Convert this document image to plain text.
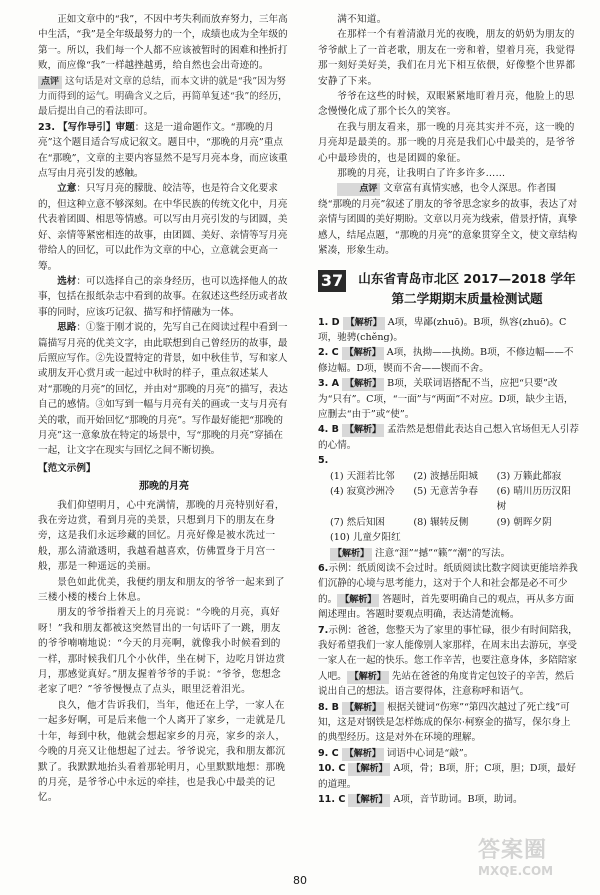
正如文章中的“我”，不因中考失利而放弃努力，三年高中生活，“我”是全年级最努力的一个，成绩也成为全年级的第一。所以，我们每一个人都不应该被暂时的困难和挫折打败，而应像“我”一样越挫越勇，给自然也会出奇迹的。

点评 这句话是对文章的总结，而本文讲的就是“我”因为努力而得到的运气。明确含义之后，再简单复述“我”的经历，最后提出自己的看法即可。

23. 【写作导引】审题：这是一道命题作文。“那晚的月亮”这个题目适合写成记叙文。题目中，“那晚的月亮”重点在“那晚”，文章的主要内容显然不是写月亮本身，而应该重点写由月亮引发的感触。

立意：只写月亮的朦胧、皎洁等，也是符合文化要求的，但这种立意不够深刻。在中华民族的传统文化中，月亮代表着团圆、相思等情感。可以写由月亮引发的与团圆，美好、亲情等紧密相连的故事，由团圆、美好、亲情等写月亮带给人的回忆，可以此作为文章的中心，立意就会更高一筹。

选材：可以选择自己的亲身经历，也可以选择他人的故事，包括在报纸杂志中看到的故事。在叙述这些经历或者故事的同时，应该巧记叙、描写和抒情融为一体。

思路：①鉴于刚才说的，先写自己在阅读过程中看到一篇描写月亮的优美文字，由此联想到自己曾经历的故事，最后照应写作。②先设置特定的背景，如中秋佳节，写和家人或朋友开心赏月或一起过中秋时的样子，重点叙述某人对“那晚的月亮”的回忆，并由对“那晚的月亮”的描写，表达自己的感情。③如写到一幅与月亮有关的画或一支与月亮有关的歌，而开始回忆“那晚的月亮”。写作最好能把“那晚的月亮”这一意象放在特定的场景中，写“那晚的月亮”穿插在一起，让文字在现实与回忆之间不断切换。

【范文示例】

那晚的月亮

我们仰望明月，心中充满情，那晚的月亮特别好看，我在旁边赏，看到月亮的美景，只想到月下的朋友在身旁，这是我们永远珍藏的回忆。月亮好像是被水洗过一般，那么清澈透明，我越看越喜欢，仿佛置身于月宫一般，那是一种遥远的美丽。

景色如此优美，我便约朋友和朋友的爷爷一起来到了三楼小楼的楼台上休息。

朋友的爷爷指着天上的月亮说：“今晚的月亮，真好呀！”我和朋友都被这突然冒出的一句话吓了一跳，朋友的爷爷喃喃地说：“今天的月亮啊，就像我小时候看到的一样，那时候我们几个小伙伴，坐在树下，边吃月饼边赏月，那感觉真好。”朋友握着爷爷的手说：“爷爷，您想念老家了吧？”爷爷慢慢点了点头，眼里泛着泪光。

良久，他才告诉我们，当年，他还在上学，一家人在一起多好啊，可是后来他一个人离开了家乡，一走就是几十年，每到中秋，他就会想起家乡的月亮，家乡的亲人，今晚的月亮又让他想起了过去。爷爷说完，我和朋友都沉默了。我默默地抬头看着那轮明月，心里默默地想：那晚的月亮，是爷爷心中永远的牵挂，也是我心中最美的记忆。

满不知道。

在那样一个有着清澈月光的夜晚，朋友的奶奶为朋友的爷爷献上了一首老歌，朋友在一旁和着，望着月亮，我觉得那一刻好美好美，我们在月光下相互依偎，好像整个世界都安静了下来。

爷爷在这些的时候，双眼紧紧地盯着月亮，他脸上的思念慢慢化成了那个长久的笑容。

在我与朋友看来，那一晚的月亮其实并不亮，这一晚的月亮却是最美的。那一晚的月亮是我们心中最美的，是爷爷心中最珍贵的，也是团圆的象征。

那晚的月亮，让我明白了许多许多……

点评 文章富有真情实感，也令人深思。作者围绕“那晚的月亮”叙述了朋友的爷爷思念家乡的故事，表达了对亲情与团圆的美好期盼。文章以月亮为线索，借景抒情，真挚感人，结尾点题，“那晚的月亮”的意象贯穿全文，使文章结构紧凑，形象生动。

37	山东省青岛市北区 2017—2018 学年
第二学期期末质量检测试题

1. D 【解析】 A项，卑鄙(zhuō)。B项，纵容(zhuō)。C项，驰骋(chěng)。

2. C 【解析】 A项，执拗——执拗。B项，不修边幅——不修边幅。D项，锲而不舍——锲而不舍。

3. A 【解析】 B项，关联词语搭配不当，应把“只要”改为“只有”。C项，“一面”与“两面”不对应。D项，缺少主语，应删去“由于”或“使”。

4. B 【解析】 孟浩然是想借此表达自己想入官场但无人引荐的心情。

5.

(1) 天涯若比邻	(2) 波撼岳阳城	(3) 万籁此都寂
(4) 寂寞沙洲冷	(5) 无意苦争春	(6) 晴川历历汉阳树
(7) 然后知困	(8) 辗转反侧	(9) 朝晖夕阴
(10) 儿童夕阳红

【解析】 注意“涯”“撼”“籁”“潮”的写法。

6.示例：纸质阅读不会过时。纸质阅读比数字阅读更能培养我们沉静的心境与思考能力，这对于个人和社会都是必不可少的。 【解析】 答题时，首先要明确自己的观点，再从多方面阐述理由。答题时要观点明确，表达清楚流畅。

7.示例：爸爸，您整天为了家里的事忙碌，很少有时间陪我，我好希望我们一家人能像别人家那样，在周末出去游玩，享受一家人在一起的快乐。您工作辛苦，也要注意身体，多陪陪家人吧。 【解析】 先站在爸爸的角度肯定包饺子的辛苦，然后说出自己的想法。语言要得体，注意称呼和语气。

8. B 【解析】 根据关键词“伤寒”“第四次越过了死亡线”可知，这是对钢铁是怎样炼成的保尔·柯察金的描写，保尔身上的典型经历。这是对外在环境的理解。

9. C 【解析】 词语中心词是“敲”。

10. C 【解析】 A项，骨；B项，肝；C项，胆；D项，最好的道理。

11. C 【解析】 A项，音节助词。B项，助词。

80
答案圈
MXQE.COM
